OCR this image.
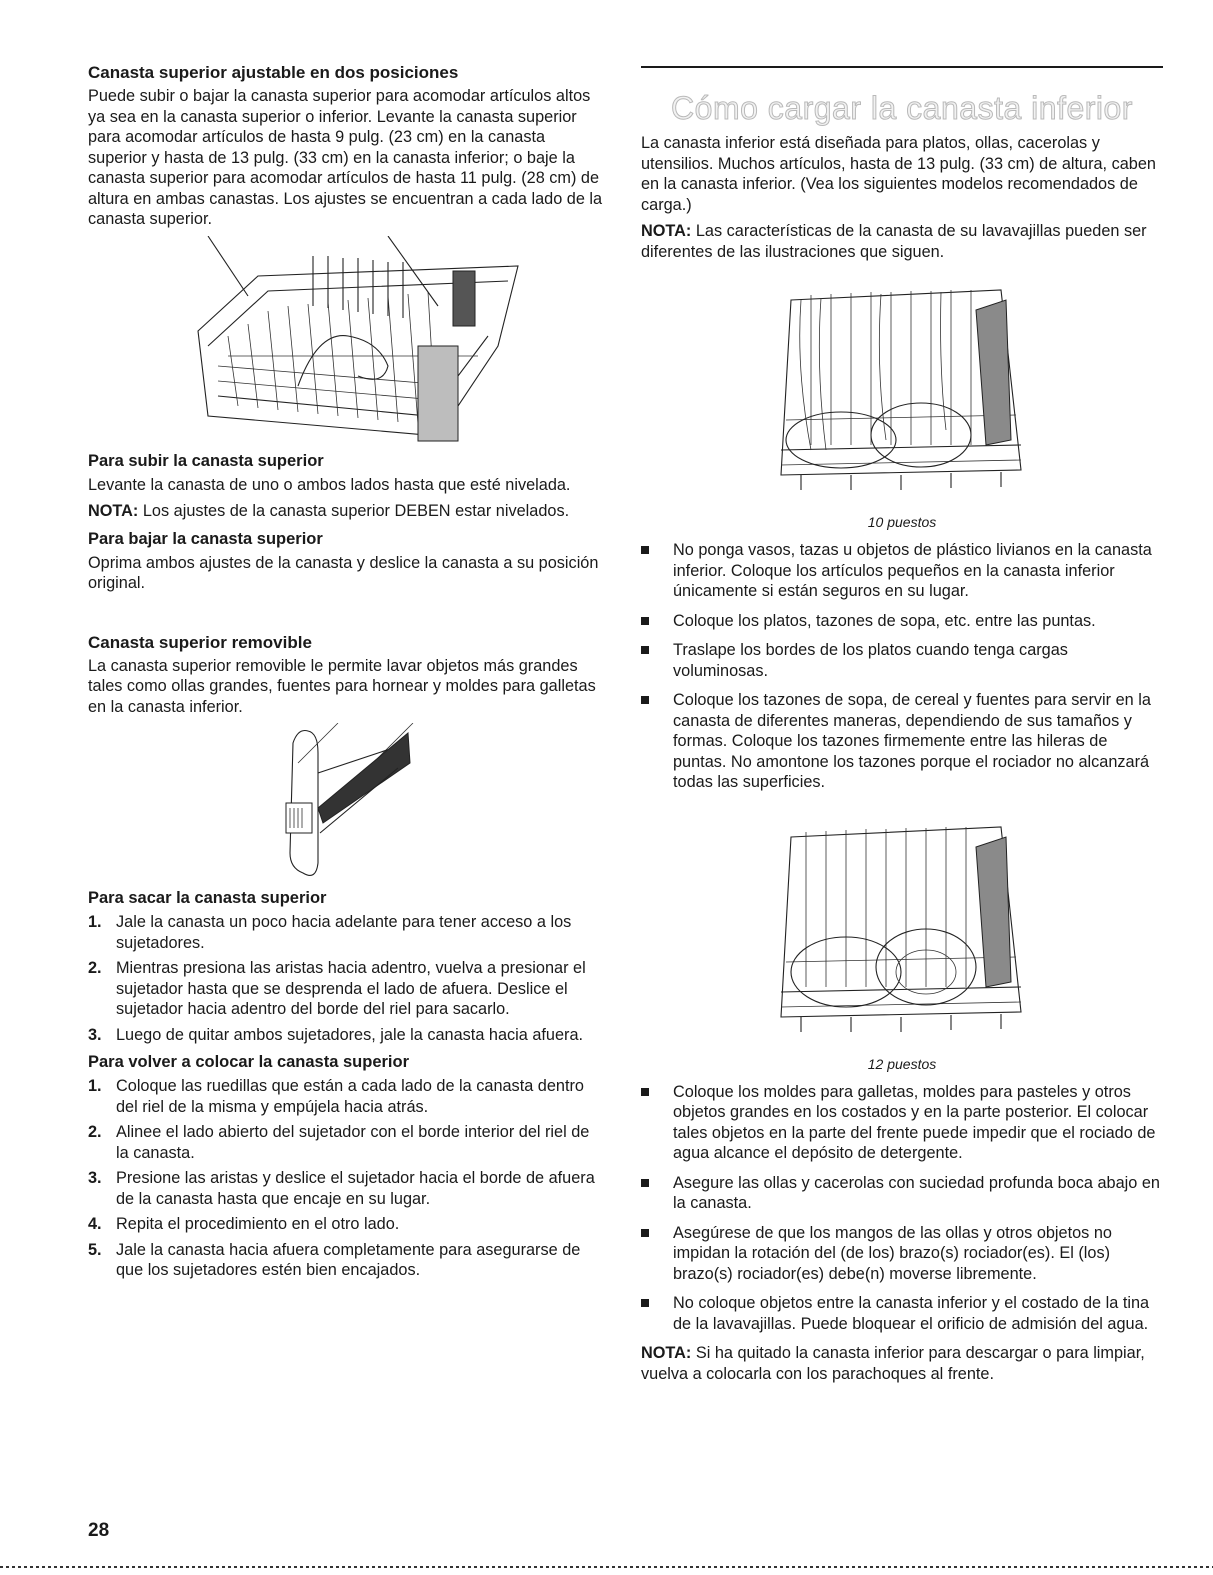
Canasta superior ajustable en dos posiciones

Puede subir o bajar la canasta superior para acomodar artículos altos ya sea en la canasta superior o inferior. Levante la canasta superior para acomodar artículos de hasta 9 pulg. (23 cm) en la canasta superior y hasta de 13 pulg. (33 cm) en la canasta inferior; o baje la canasta superior para acomodar artículos de hasta 11 pulg. (28 cm) de altura en ambas canastas. Los ajustes se encuentran a cada lado de la canasta superior.

Para subir la canasta superior

Levante la canasta de uno o ambos lados hasta que esté nivelada.

NOTA: Los ajustes de la canasta superior DEBEN estar nivelados.

Para bajar la canasta superior

Oprima ambos ajustes de la canasta y deslice la canasta a su posición original.

Canasta superior removible

La canasta superior removible le permite lavar objetos más grandes tales como ollas grandes, fuentes para hornear y moldes para galletas en la canasta inferior.

Para sacar la canasta superior
1. Jale la canasta un poco hacia adelante para tener acceso a los sujetadores.
2. Mientras presiona las aristas hacia adentro, vuelva a presionar el sujetador hasta que se desprenda el lado de afuera. Deslice el sujetador hacia adentro del borde del riel para sacarlo.
3. Luego de quitar ambos sujetadores, jale la canasta hacia afuera.
Para volver a colocar la canasta superior
1. Coloque las ruedillas que están a cada lado de la canasta dentro del riel de la misma y empújela hacia atrás.
2. Alinee el lado abierto del sujetador con el borde interior del riel de la canasta.
3. Presione las aristas y deslice el sujetador hacia el borde de afuera de la canasta hasta que encaje en su lugar.
4. Repita el procedimiento en el otro lado.
5. Jale la canasta hacia afuera completamente para asegurarse de que los sujetadores estén bien encajados.
Cómo cargar la canasta inferior

La canasta inferior está diseñada para platos, ollas, cacerolas y utensilios. Muchos artículos, hasta de 13 pulg. (33 cm) de altura, caben en la canasta inferior. (Vea los siguientes modelos recomendados de carga.)

NOTA: Las características de la canasta de su lavavajillas pueden ser diferentes de las ilustraciones que siguen.

10 puestos
No ponga vasos, tazas u objetos de plástico livianos en la canasta inferior. Coloque los artículos pequeños en la canasta inferior únicamente si están seguros en su lugar.
Coloque los platos, tazones de sopa, etc. entre las puntas.
Traslape los bordes de los platos cuando tenga cargas voluminosas.
Coloque los tazones de sopa, de cereal y fuentes para servir en la canasta de diferentes maneras, dependiendo de sus tamaños y formas. Coloque los tazones firmemente entre las hileras de puntas. No amontone los tazones porque el rociador no alcanzará todas las superficies.
12 puestos
Coloque los moldes para galletas, moldes para pasteles y otros objetos grandes en los costados y en la parte posterior. El colocar tales objetos en la parte del frente puede impedir que el rociado de agua alcance el depósito de detergente.
Asegure las ollas y cacerolas con suciedad profunda boca abajo en la canasta.
Asegúrese de que los mangos de las ollas y otros objetos no impidan la rotación del (de los) brazo(s) rociador(es). El (los) brazo(s) rociador(es) debe(n) moverse libremente.
No coloque objetos entre la canasta inferior y el costado de la tina de la lavavajillas. Puede bloquear el orificio de admisión del agua.

NOTA: Si ha quitado la canasta inferior para descargar o para limpiar, vuelva a colocarla con los parachoques al frente.

28
